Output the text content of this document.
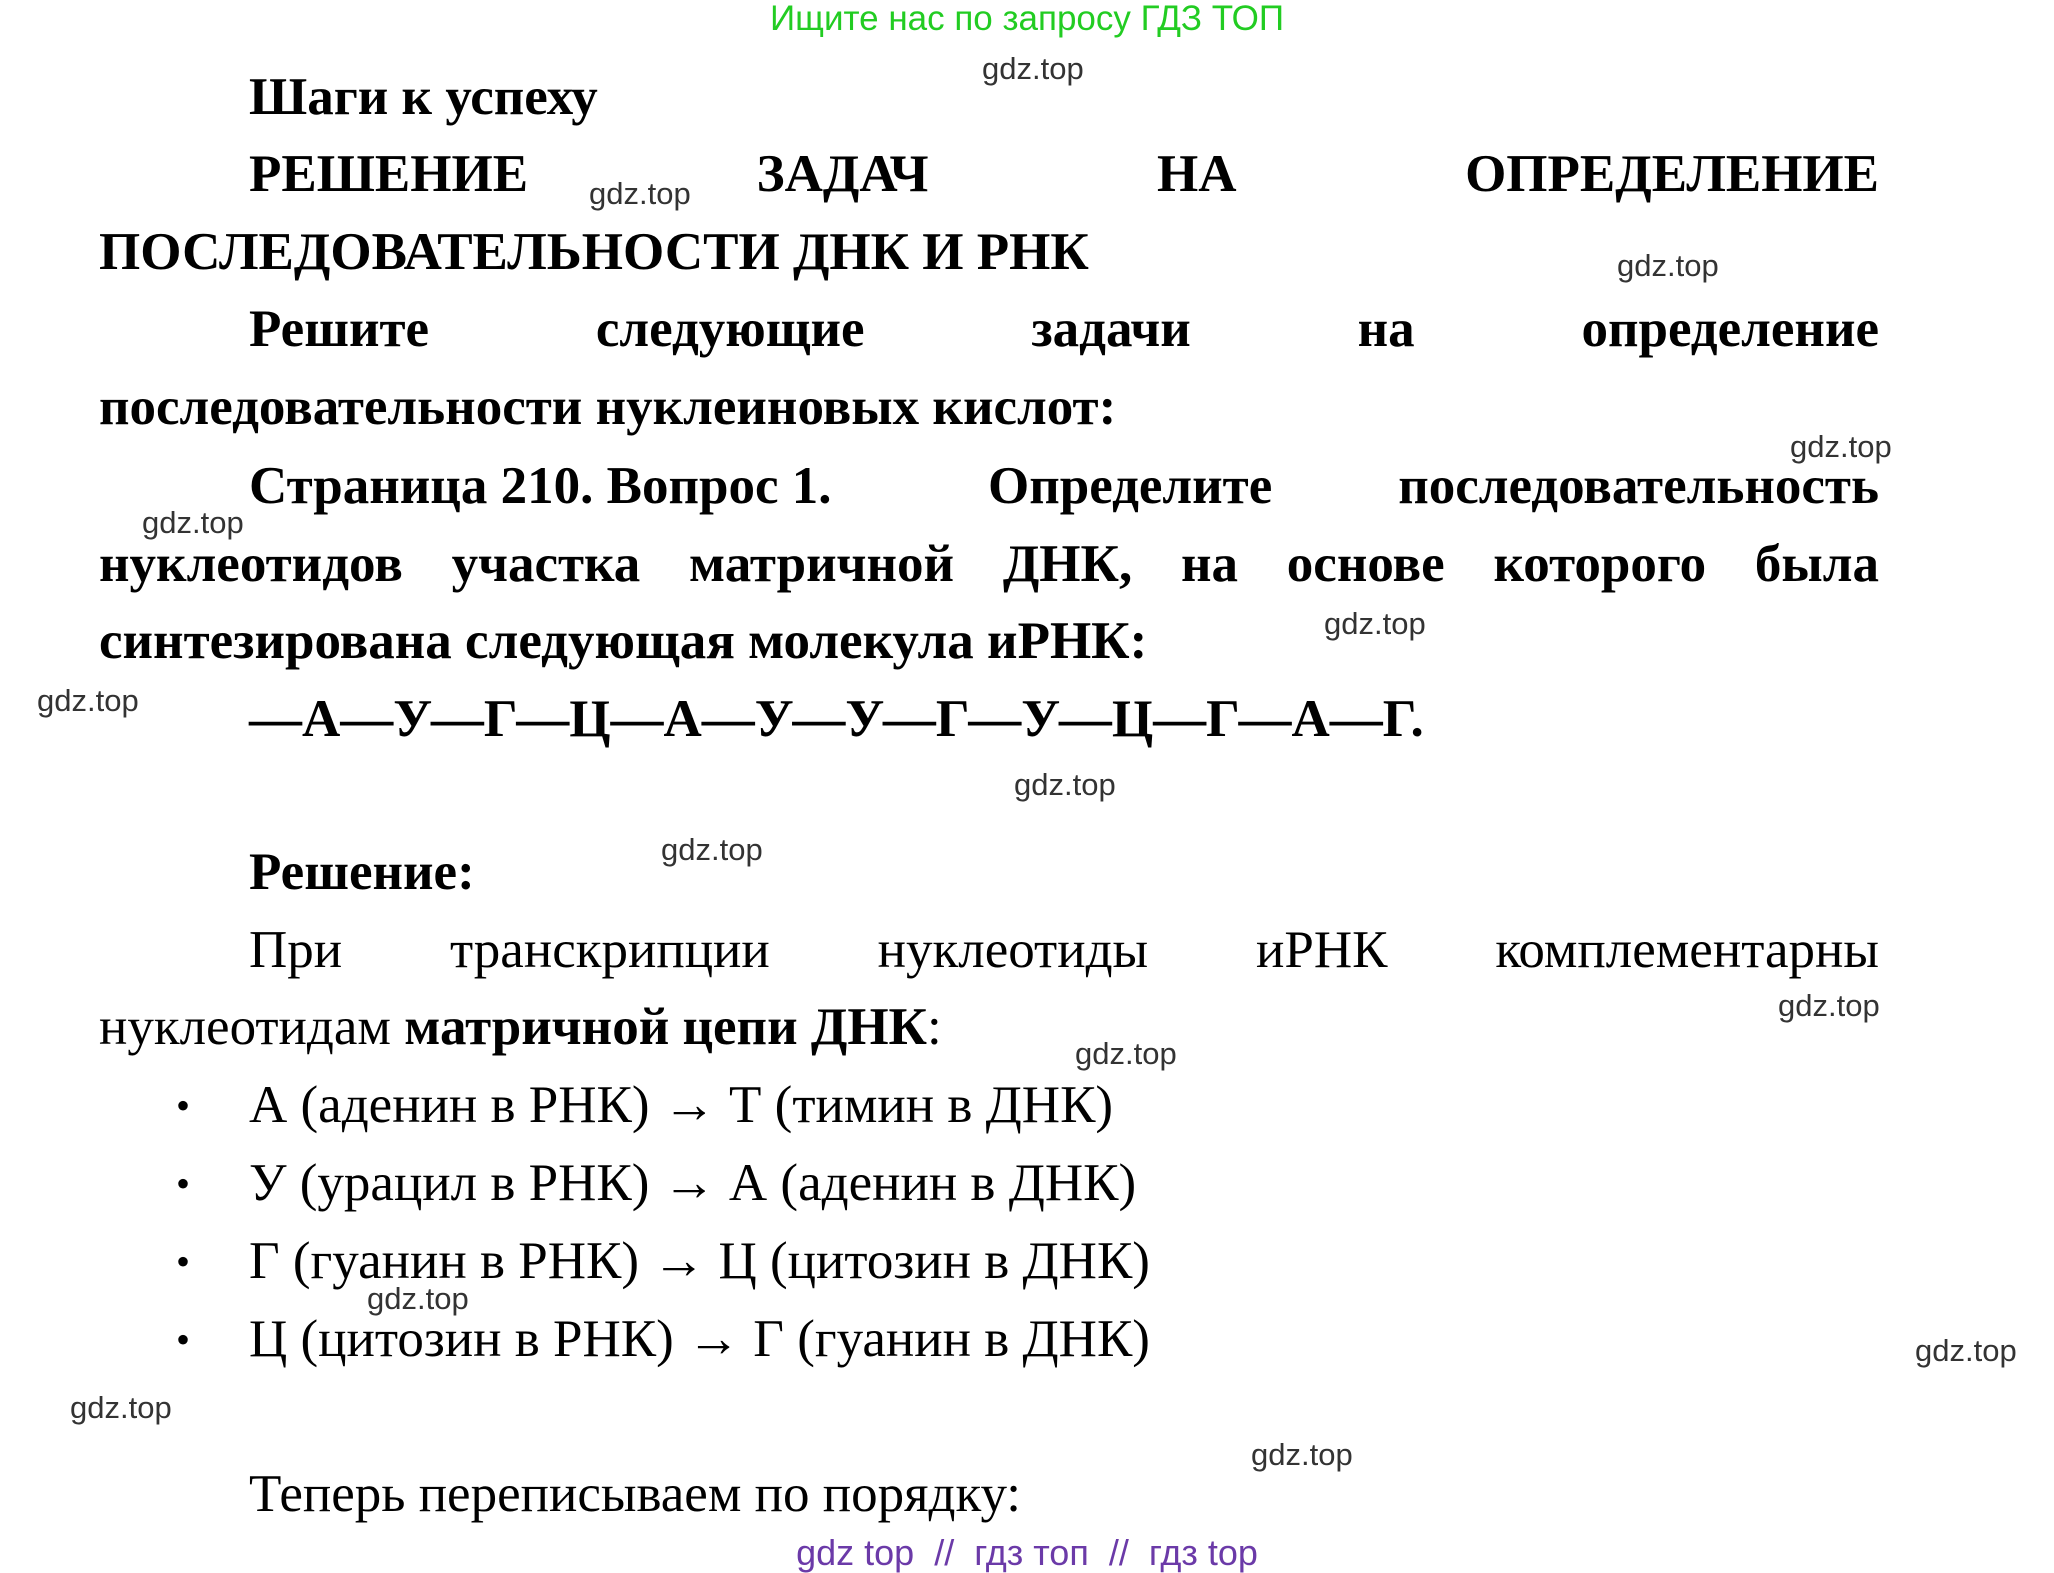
Ищите нас по запросу ГДЗ ТОП
Шаги к успеху
РЕШЕНИЕ	ЗАДАЧ	НА	ОПРЕДЕЛЕНИЕ
ПОСЛЕДОВАТЕЛЬНОСТИ ДНК И РНК
Решите	следующие	задачи	на	определение
последовательности нуклеиновых кислот:
Страница 210. Вопрос 1.	Определите последовательность
нуклеотидов участка матричной ДНК, на основе которого была
синтезирована следующая молекула иРНК:
—А—У—Г—Ц—А—У—У—Г—У—Ц—Г—А—Г.
Решение:
При транскрипции нуклеотиды иРНК комплементарны
нуклеотидам матричной цепи ДНК:
• А (аденин в РНК) → Т (тимин в ДНК)
• У (урацил в РНК) → А (аденин в ДНК)
• Г (гуанин в РНК) → Ц (цитозин в ДНК)
• Ц (цитозин в РНК) → Г (гуанин в ДНК)
Теперь переписываем по порядку:
gdz.top
gdz.top
gdz.top
gdz.top
gdz.top
gdz.top
gdz.top
gdz.top
gdz.top
gdz.top
gdz.top
gdz.top
gdz.top
gdz.top
gdz.top
gdz top  //  гдз топ  //  гдз top
